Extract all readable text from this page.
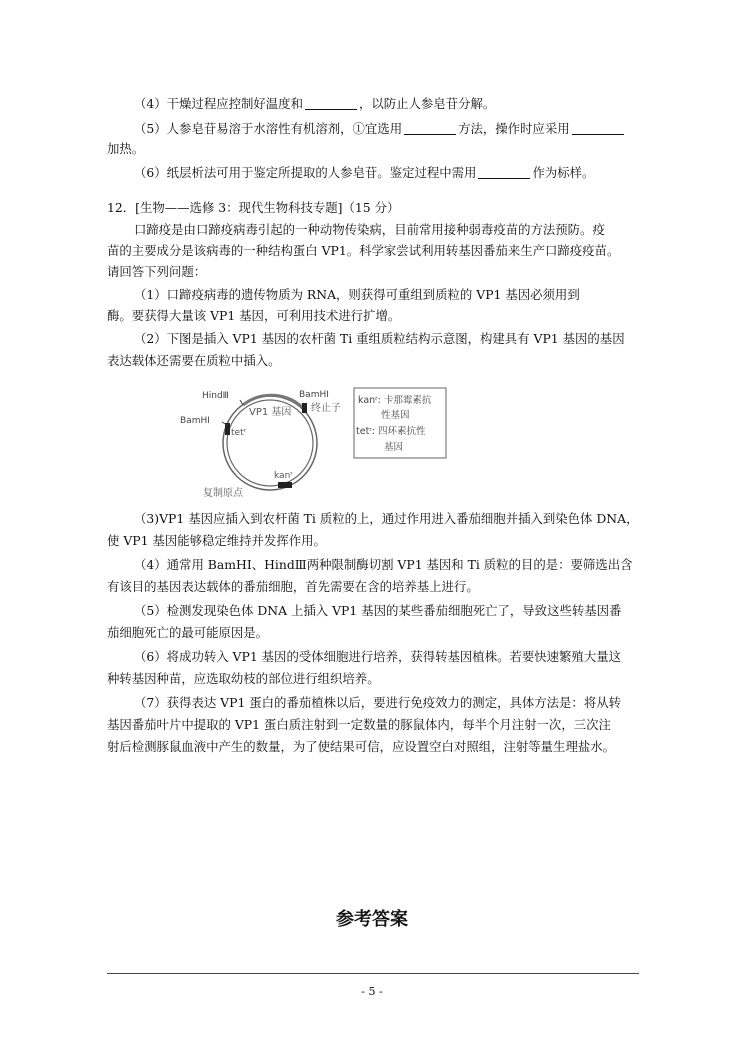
（4）干燥过程应控制好温度和	，以防止人参皂苷分解。
（5）人参皂苷易溶于水溶性有机溶剂，①宜选用	方法，操作时应采用
加热。
（6）纸层析法可用于鉴定所提取的人参皂苷。鉴定过程中需用	作为标样。
12．[生物——选修 3：现代生物科技专题]（15 分）
口蹄疫是由口蹄疫病毒引起的一种动物传染病，目前常用接种弱毒疫苗的方法预防。疫
苗的主要成分是该病毒的一种结构蛋白 VP1。科学家尝试利用转基因番茄来生产口蹄疫疫苗。
请回答下列问题：
（1）口蹄疫病毒的遗传物质为 RNA，则获得可重组到质粒的 VP1 基因必须用到
酶。要获得大量该 VP1 基因，可利用技术进行扩增。
（2）下图是插入 VP1 基因的农杆菌 Ti 重组质粒结构示意图，构建具有 VP1 基因的基因
表达载体还需要在质粒中插入。
HindⅢ	BamHⅠ
BamHⅠ
VP1 基因 终止子
tetʳ
kanʳ
复制原点
kanʳ: 卡那霉素抗
性基因
tetʳ: 四环素抗性
基因
（3)VP1 基因应插入到农杆菌 Ti 质粒的上，通过作用进入番茄细胞并插入到染色体 DNA，
使 VP1 基因能够稳定维持并发挥作用。
（4）通常用 BamHⅠ、HindⅢ两种限制酶切割 VP1 基因和 Ti 质粒的目的是：要筛选出含
有该目的基因表达载体的番茄细胞，首先需要在含的培养基上进行。
（5）检测发现染色体 DNA 上插入 VP1 基因的某些番茄细胞死亡了，导致这些转基因番
茄细胞死亡的最可能原因是。
（6）将成功转入 VP1 基因的受体细胞进行培养，获得转基因植株。若要快速繁殖大量这
种转基因种苗，应选取幼枝的部位进行组织培养。
（7）获得表达 VP1 蛋白的番茄植株以后，要进行免疫效力的测定，具体方法是：将从转
基因番茄叶片中提取的 VP1 蛋白质注射到一定数量的豚鼠体内，每半个月注射一次，三次注
射后检测豚鼠血液中产生的数量，为了使结果可信，应设置空白对照组，注射等量生理盐水。
参考答案
- 5 -
